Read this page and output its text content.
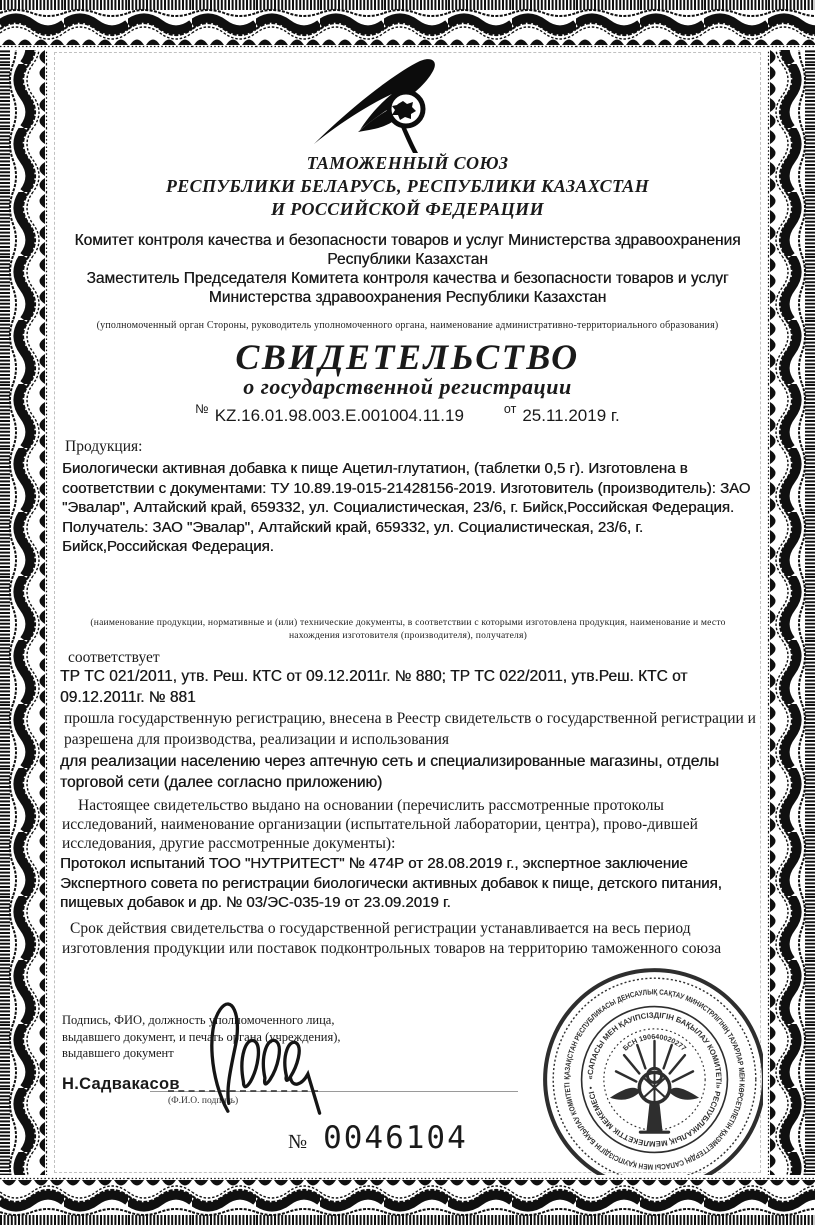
ТАМОЖЕННЫЙ СОЮЗ
РЕСПУБЛИКИ БЕЛАРУСЬ, РЕСПУБЛИКИ КАЗАХСТАН
И РОССИЙСКОЙ ФЕДЕРАЦИИ
Комитет контроля качества и безопасности товаров и услуг Министерства здравоохранения Республики Казахстан
Заместитель Председателя Комитета контроля качества и безопасности товаров и услуг Министерства здравоохранения Республики Казахстан
(уполномоченный орган Стороны, руководитель уполномоченного органа, наименование административно-территориального образования)
СВИДЕТЕЛЬСТВО
о государственной регистрации
№ KZ.16.01.98.003.E.001004.11.19	от 25.11.2019 г.
Продукция:
Биологически активная добавка к пище Ацетил-глутатион, (таблетки 0,5 г). Изготовлена в соответствии с документами: ТУ 10.89.19-015-21428156-2019. Изготовитель (производитель): ЗАО "Эвалар", Алтайский край, 659332, ул. Социалистическая, 23/6, г. Бийск,Российская Федерация. Получатель: ЗАО "Эвалар", Алтайский край, 659332, ул. Социалистическая, 23/6, г. Бийск,Российская Федерация.
(наименование продукции, нормативные и (или) технические документы, в соответствии с которыми изготовлена продукция, наименование и место нахождения изготовителя (производителя), получателя)
соответствует
ТР ТС 021/2011, утв. Реш. КТС от 09.12.2011г. № 880; ТР ТС 022/2011, утв.Реш. КТС от 09.12.2011г. № 881
прошла государственную регистрацию, внесена в Реестр свидетельств о государственной регистрации и разрешена для производства, реализации и использования
для реализации населению через аптечную сеть и специализированные магазины, отделы торговой сети (далее согласно приложению)
Настоящее свидетельство выдано на основании (перечислить рассмотренные протоколы исследований, наименование организации (испытательной лаборатории, центра), прово-дившей исследования, другие рассмотренные документы):
Протокол испытаний ТОО "НУТРИТЕСТ" № 474Р от 28.08.2019 г., экспертное заключение Экспертного совета по регистрации биологически активных добавок к пище, детского питания, пищевых добавок и др. № 03/ЭС-035-19 от 23.09.2019 г.
Срок действия свидетельства о государственной регистрации устанавливается на весь период изготовления продукции или поставок подконтрольных товаров на территорию таможенного союза
Подпись, ФИО, должность уполномоченного лица, выдавшего документ, и печать органа (учреждения), выдавшего документ
Н.Садвакасов
(Ф.И.О. подпись)
ҚАЗАҚСТАН РЕСПУБЛИКАСЫ ДЕНСАУЛЫҚ САҚТАУ МИНИСТРЛІГІНІҢ ТАУАРЛАР МЕН КӨРСЕТІЛЕТІН ҚЫЗМЕТТЕРДІҢ САПАСЫ МЕН ҚАУІПСІЗДІГІН БАҚЫЛАУ КОМИТЕТІ
«САПАСЫ МЕН ҚАУІПСІЗДІГІН БАҚЫЛАУ КОМИТЕТІ» РЕСПУБЛИКАЛЫҚ МЕМЛЕКЕТТІК МЕКЕМЕСІ •
БСН 190640020277
№ 0046104
